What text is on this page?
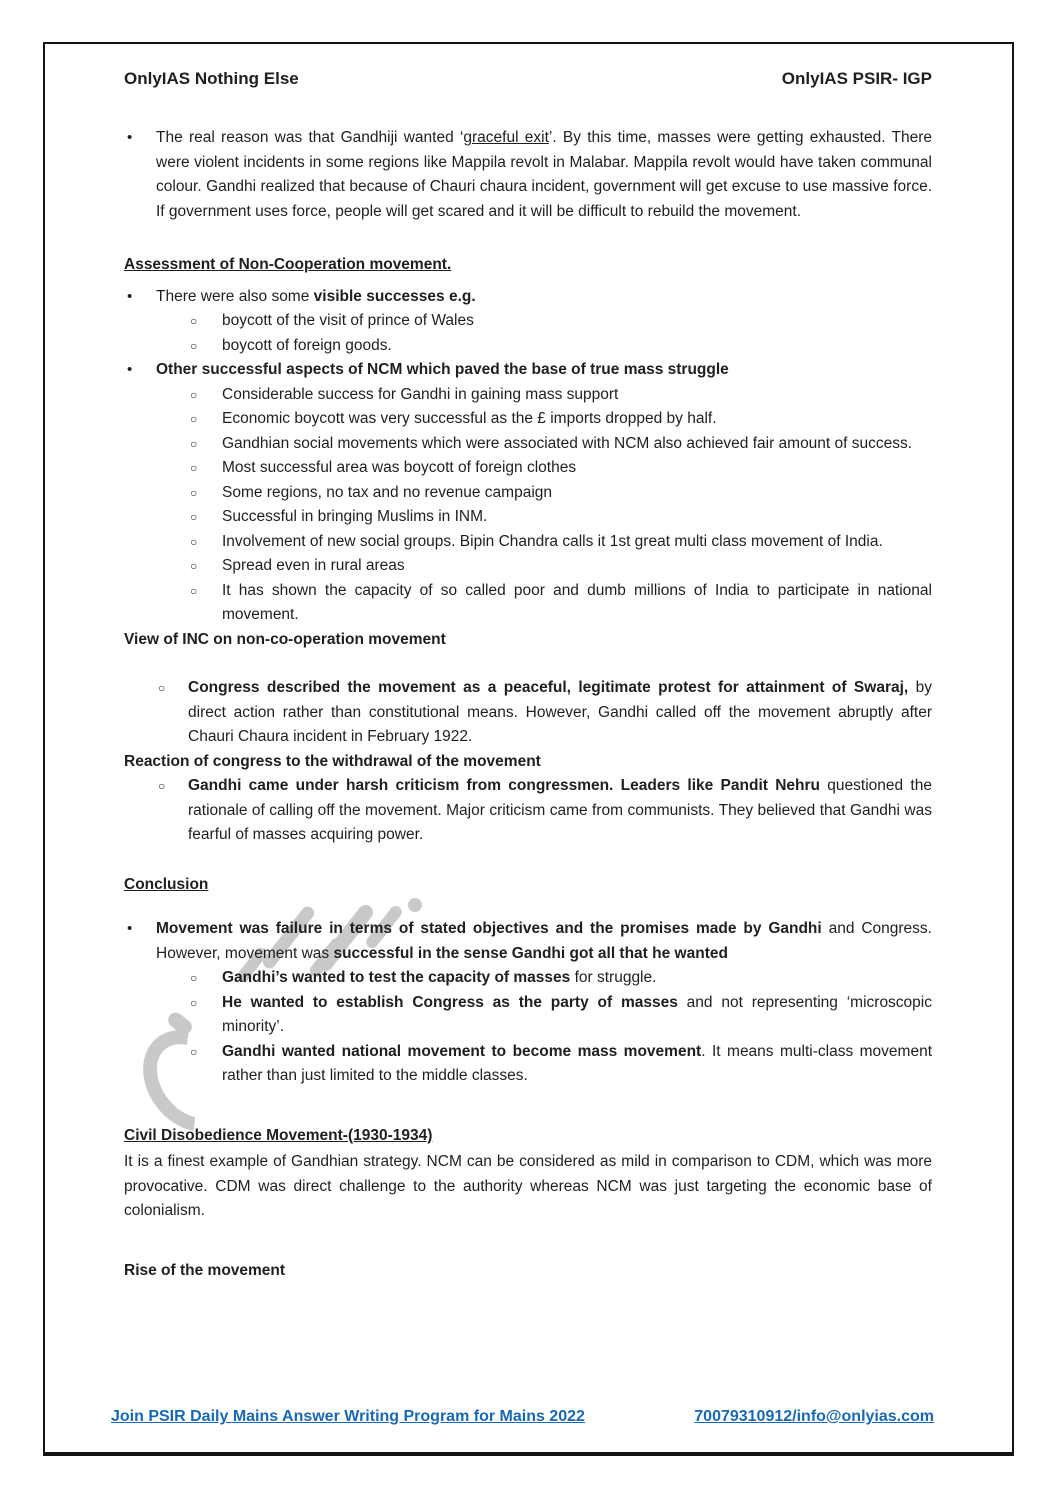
OnlyIAS Nothing Else	OnlyIAS PSIR- IGP
• The real reason was that Gandhiji wanted ‘graceful exit’. By this time, masses were getting exhausted. There were violent incidents in some regions like Mappila revolt in Malabar. Mappila revolt would have taken communal colour. Gandhi realized that because of Chauri chaura incident, government will get excuse to use massive force. If government uses force, people will get scared and it will be difficult to rebuild the movement.
Assessment of Non-Cooperation movement.
• There were also some visible successes e.g.
○ boycott of the visit of prince of Wales
○ boycott of foreign goods.
• Other successful aspects of NCM which paved the base of true mass struggle
○ Considerable success for Gandhi in gaining mass support
○ Economic boycott was very successful as the £ imports dropped by half.
○ Gandhian social movements which were associated with NCM also achieved fair amount of success.
○ Most successful area was boycott of foreign clothes
○ Some regions, no tax and no revenue campaign
○ Successful in bringing Muslims in INM.
○ Involvement of new social groups. Bipin Chandra calls it 1st great multi class movement of India.
○ Spread even in rural areas
○ It has shown the capacity of so called poor and dumb millions of India to participate in national movement.
View of INC on non-co-operation movement
○ Congress described the movement as a peaceful, legitimate protest for attainment of Swaraj, by direct action rather than constitutional means. However, Gandhi called off the movement abruptly after Chauri Chaura incident in February 1922.
Reaction of congress to the withdrawal of the movement
○ Gandhi came under harsh criticism from congressmen. Leaders like Pandit Nehru questioned the rationale of calling off the movement. Major criticism came from communists. They believed that Gandhi was fearful of masses acquiring power.
Conclusion
• Movement was failure in terms of stated objectives and the promises made by Gandhi and Congress. However, movement was successful in the sense Gandhi got all that he wanted
○ Gandhi’s wanted to test the capacity of masses for struggle.
○ He wanted to establish Congress as the party of masses and not representing ‘microscopic minority’.
○ Gandhi wanted national movement to become mass movement. It means multi-class movement rather than just limited to the middle classes.
Civil Disobedience Movement-(1930-1934)
It is a finest example of Gandhian strategy. NCM can be considered as mild in comparison to CDM, which was more provocative. CDM was direct challenge to the authority whereas NCM was just targeting the economic base of colonialism.
Rise of the movement
Join PSIR Daily Mains Answer Writing Program for Mains 2022	70079310912/info@onlyias.com
